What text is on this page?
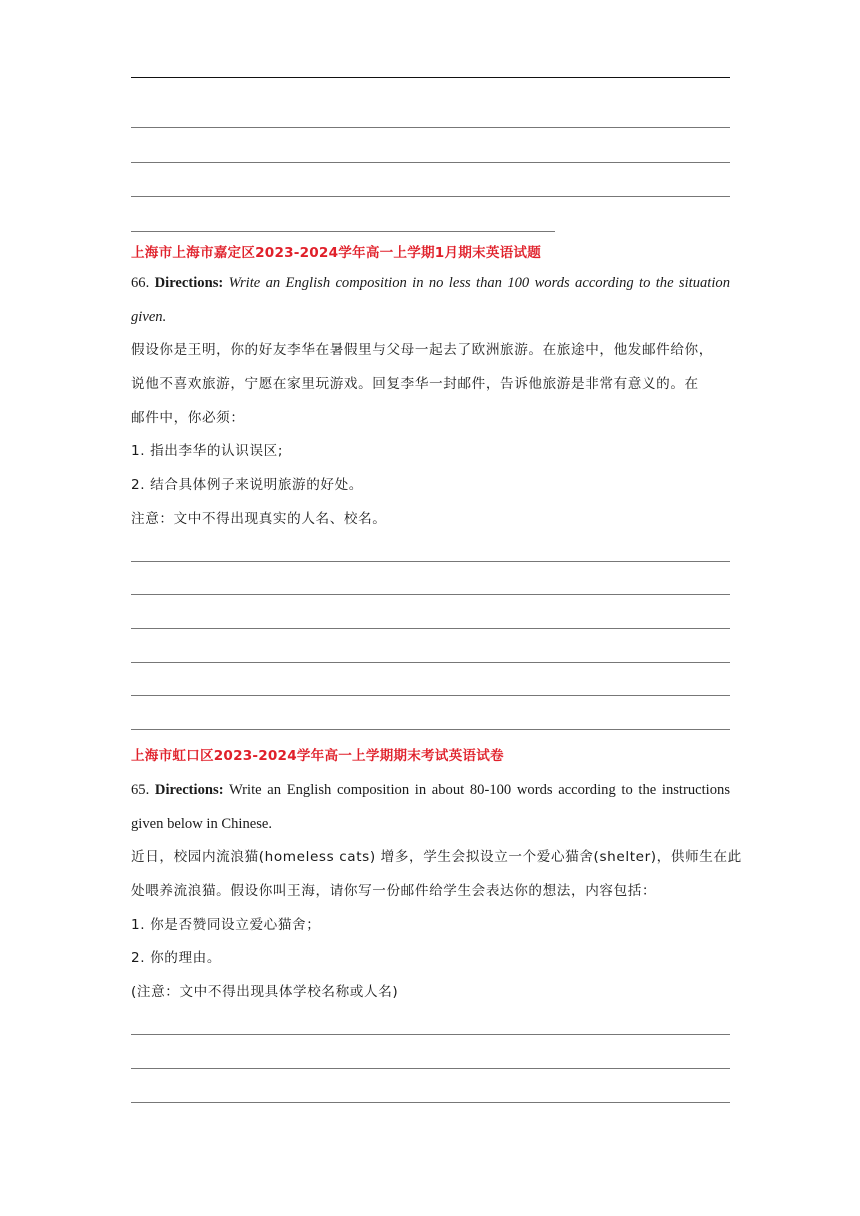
上海市上海市嘉定区2023-2024学年高一上学期1月期末英语试题
66. Directions: Write an English composition in no less than 100 words according to the situation
given.
假设你是王明，你的好友李华在暑假里与父母一起去了欧洲旅游。在旅途中，他发邮件给你，
说他不喜欢旅游，宁愿在家里玩游戏。回复李华一封邮件，告诉他旅游是非常有意义的。在
邮件中，你必须：
1. 指出李华的认识误区;
2. 结合具体例子来说明旅游的好处。
注意：文中不得出现真实的人名、校名。
上海市虹口区2023-2024学年高一上学期期末考试英语试卷
65. Directions: Write an English composition in about 80-100 words according to the instructions
given below in Chinese.
近日，校园内流浪猫(homeless cats) 增多，学生会拟设立一个爱心猫舍(shelter)，供师生在此
处喂养流浪猫。假设你叫王海，请你写一份邮件给学生会表达你的想法，内容包括：
1. 你是否赞同设立爱心猫舍；
2. 你的理由。
(注意：文中不得出现具体学校名称或人名)
